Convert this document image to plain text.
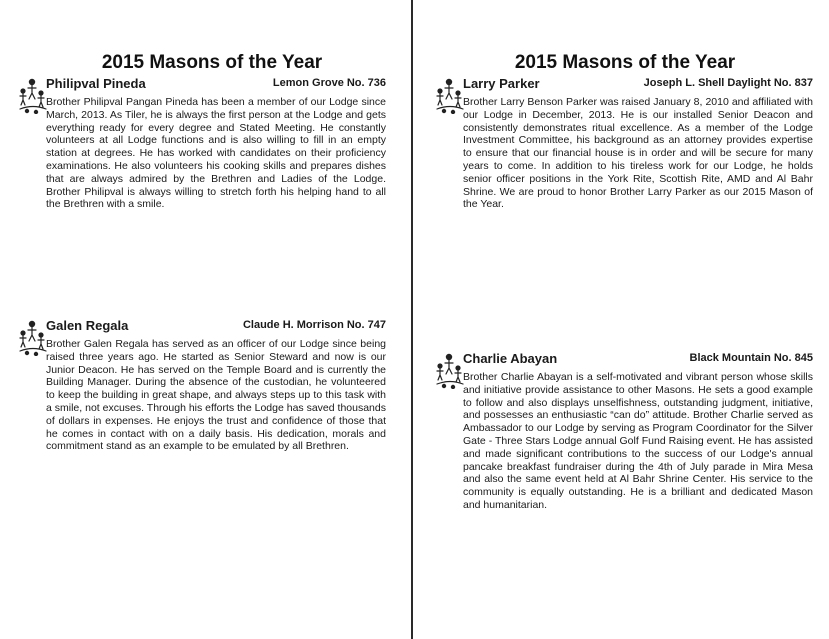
2015 Masons of the Year
Philipval Pineda	Lemon Grove No. 736
Brother Philipval Pangan Pineda has been a member of our Lodge since March, 2013. As Tiler, he is always the first person at the Lodge and gets everything ready for every degree and Stated Meeting. He constantly volunteers at all Lodge functions and is also willing to fill in an empty station at degrees. He has worked with candidates on their proficiency examinations. He also volunteers his cooking skills and prepares dishes that are always admired by the Brethren and Ladies of the Lodge. Brother Philipval is always willing to stretch forth his helping hand to all the Brethren with a smile.
Galen Regala	Claude H. Morrison No. 747
Brother Galen Regala has served as an officer of our Lodge since being raised three years ago. He started as Senior Steward and now is our Junior Deacon. He has served on the Temple Board and is currently the Building Manager. During the absence of the custodian, he volunteered to keep the building in great shape, and always steps up to this task with a smile, not excuses. Through his efforts the Lodge has saved thousands of dollars in expenses. He enjoys the trust and confidence of those that he comes in contact with on a daily basis. His dedication, morals and commitment stand as an example to be emulated by all Brethren.
2015 Masons of the Year
Larry Parker	Joseph L. Shell Daylight No. 837
Brother Larry Benson Parker was raised January 8, 2010 and affiliated with our Lodge in December, 2013. He is our installed Senior Deacon and consistently demonstrates ritual excellence. As a member of the Lodge Investment Committee, his background as an attorney provides expertise to ensure that our financial house is in order and will be secure for many years to come. In addition to his tireless work for our Lodge, he holds senior officer positions in the York Rite, Scottish Rite, AMD and Al Bahr Shrine. We are proud to honor Brother Larry Parker as our 2015 Mason of the Year.
Charlie Abayan	Black Mountain No. 845
Brother Charlie Abayan is a self-motivated and vibrant person whose skills and initiative provide assistance to other Masons. He sets a good example to follow and also displays unselfishness, outstanding judgment, initiative, and possesses an enthusiastic “can do” attitude. Brother Charlie served as Ambassador to our Lodge by serving as Program Coordinator for the Silver Gate - Three Stars Lodge annual Golf Fund Raising event. He has assisted and made significant contributions to the success of our Lodge's annual pancake breakfast fundraiser during the 4th of July parade in Mira Mesa and also the same event held at Al Bahr Shrine Center. His service to the community is equally outstanding. He is a brilliant and dedicated Mason and humanitarian.
